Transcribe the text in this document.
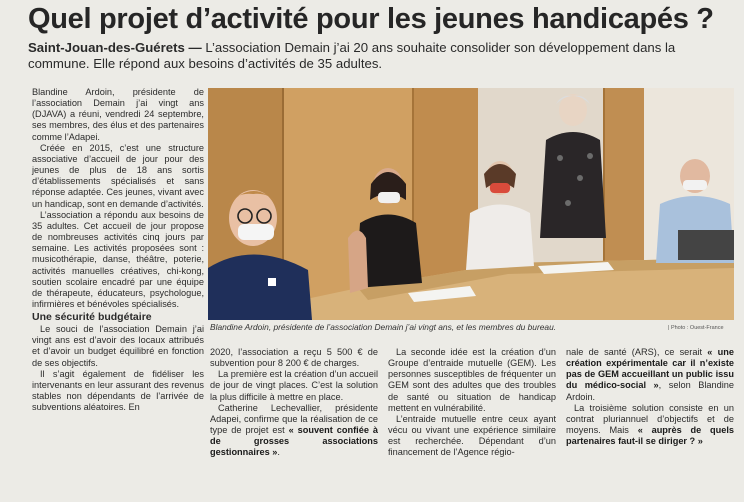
Quel projet d’activité pour les jeunes handicapés ?
Saint-Jouan-des-Guérets — L’association Demain j’ai 20 ans souhaite consolider son développement dans la commune. Elle répond aux besoins d’activités de 35 adultes.

Blandine Ardoin, présidente de l’association Demain j’ai vingt ans (DJAVA) a réuni, vendredi 24 septembre, ses membres, des élus et des partenaires comme l’Adapei.

Créée en 2015, c’est une structure associative d’accueil de jour pour des jeunes de plus de 18 ans sortis d’établissements spécialisés et sans réponse adaptée. Ces jeunes, vivant avec un handicap, sont en demande d’activités.

L’association a répondu aux besoins de 35 adultes. Cet accueil de jour propose de nombreuses activités cinq jours par semaine. Les activités proposées sont : musicothérapie, danse, théâtre, poterie, activités manuelles créatives, chi-kong, soutien scolaire encadré par une équipe de thérapeute, éducateurs, psychologue, infirmières et bénévoles spécialisés.

Une sécurité budgétaire

Le souci de l’association Demain j’ai vingt ans est d’avoir des locaux attribués et d’avoir un budget équilibré en fonction de ses objectifs.

Il s’agit également de fidéliser les intervenants en leur assurant des revenus stables non dépendants de l’arrivée de subventions aléatoires. En

Blandine Ardoin, présidente de l’association Demain j’ai vingt ans, et les membres du bureau.	| Photo : Ouest-France

2020, l’association a reçu 5 500 € de subvention pour 8 200 € de charges.

La première est la création d’un accueil de jour de vingt places. C’est la solution la plus difficile à mettre en place.

Catherine Lechevallier, présidente Adapei, confirme que la réalisation de ce type de projet est « souvent confiée à de grosses associations gestionnaires ».

La seconde idée est la création d’un Groupe d’entraide mutuelle (GEM). Les personnes susceptibles de fréquenter un GEM sont des adultes que des troubles de santé ou situation de handicap mettent en vulnérabilité.

L’entraide mutuelle entre ceux ayant vécu ou vivant une expérience similaire est recherchée. Dépendant d’un financement de l’Agence régio-

nale de santé (ARS), ce serait « une création expérimentale car il n’existe pas de GEM accueillant un public issu du médico-social », selon Blandine Ardoin.

La troisième solution consiste en un contrat pluriannuel d’objectifs et de moyens. Mais « auprès de quels partenaires faut-il se diriger ? »
